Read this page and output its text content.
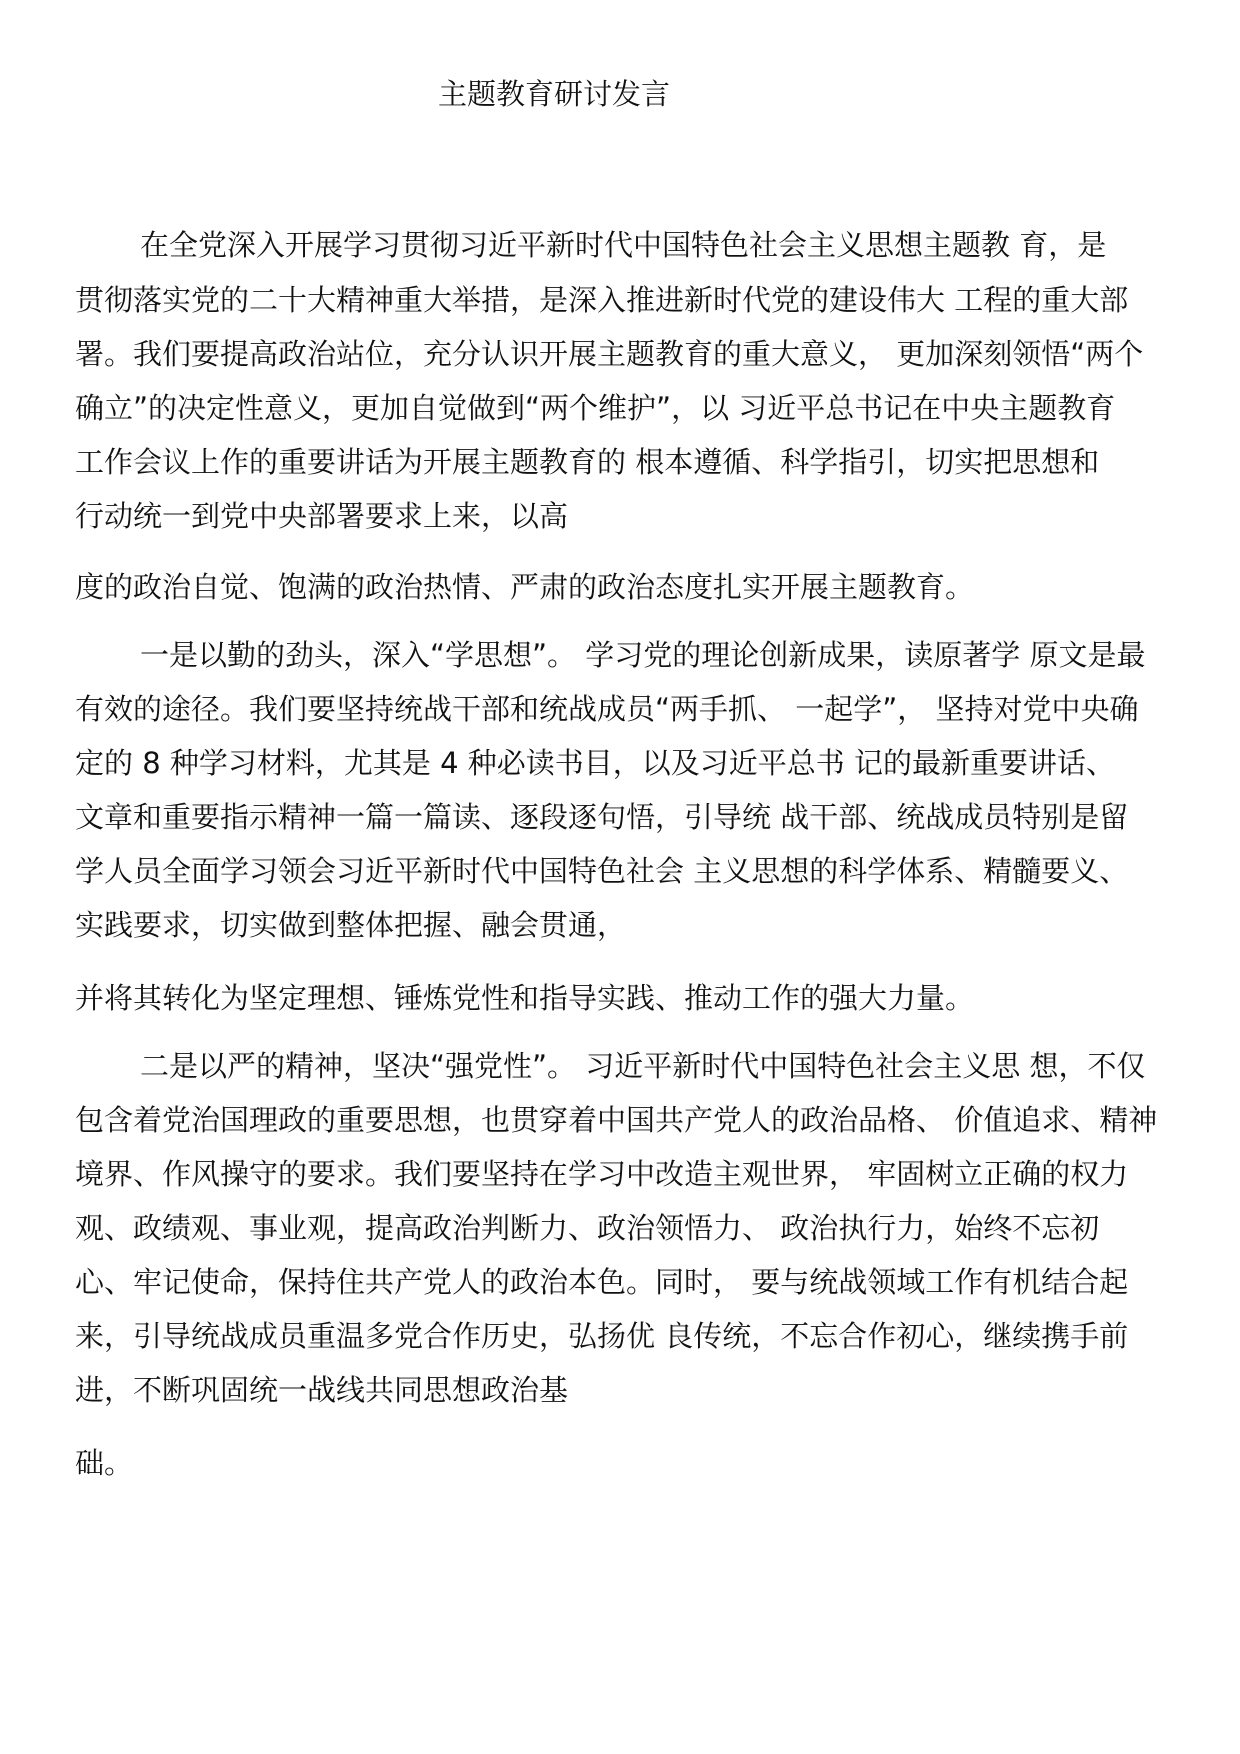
主题教育研讨发言
在全党深入开展学习贯彻习近平新时代中国特色社会主义思想主题教 育，是
贯彻落实党的二十大精神重大举措，是深入推进新时代党的建设伟大 工程的重大部
署。我们要提高政治站位，充分认识开展主题教育的重大意义， 更加深刻领悟“两个
确立”的决定性意义，更加自觉做到“两个维护”，以 习近平总书记在中央主题教育
工作会议上作的重要讲话为开展主题教育的 根本遵循、科学指引，切实把思想和
行动统一到党中央部署要求上来，以高
度的政治自觉、饱满的政治热情、严肃的政治态度扎实开展主题教育。
一是以勤的劲头，深入“学思想”。 学习党的理论创新成果，读原著学 原文是最
有效的途径。我们要坚持统战干部和统战成员“两手抓、 一起学”， 坚持对党中央确
定的 8 种学习材料，尤其是 4 种必读书目，以及习近平总书 记的最新重要讲话、
文章和重要指示精神一篇一篇读、逐段逐句悟，引导统 战干部、统战成员特别是留
学人员全面学习领会习近平新时代中国特色社会 主义思想的科学体系、精髓要义、
实践要求，切实做到整体把握、融会贯通，
并将其转化为坚定理想、锤炼党性和指导实践、推动工作的强大力量。
二是以严的精神，坚决“强党性”。 习近平新时代中国特色社会主义思 想，不仅
包含着党治国理政的重要思想，也贯穿着中国共产党人的政治品格、 价值追求、精神
境界、作风操守的要求。我们要坚持在学习中改造主观世界， 牢固树立正确的权力
观、政绩观、事业观，提高政治判断力、政治领悟力、 政治执行力，始终不忘初
心、牢记使命，保持住共产党人的政治本色。同时， 要与统战领域工作有机结合起
来，引导统战成员重温多党合作历史，弘扬优 良传统，不忘合作初心，继续携手前
进，不断巩固统一战线共同思想政治基
础。
